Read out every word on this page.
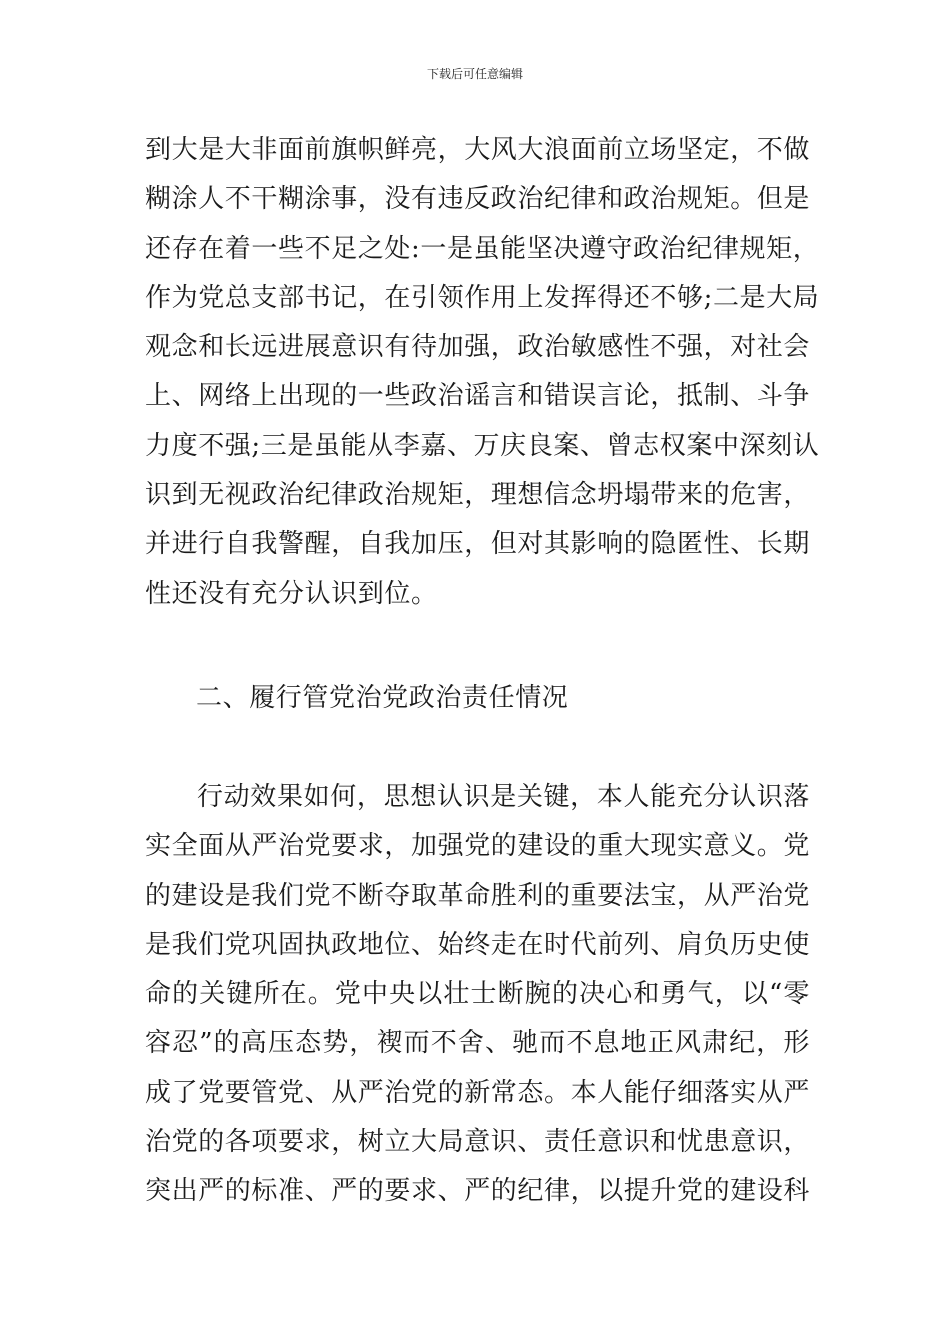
下载后可任意编辑
到大是大非面前旗帜鲜亮，大风大浪面前立场坚定，不做
糊涂人不干糊涂事，没有违反政治纪律和政治规矩。但是
还存在着一些不足之处:一是虽能坚决遵守政治纪律规矩，
作为党总支部书记，在引领作用上发挥得还不够;二是大局
观念和长远进展意识有待加强，政治敏感性不强，对社会
上、网络上出现的一些政治谣言和错误言论，抵制、斗争
力度不强;三是虽能从李嘉、万庆良案、曾志权案中深刻认
识到无视政治纪律政治规矩，理想信念坍塌带来的危害，
并进行自我警醒，自我加压，但对其影响的隐匿性、长期
性还没有充分认识到位。
二、履行管党治党政治责任情况
行动效果如何，思想认识是关键，本人能充分认识落
实全面从严治党要求，加强党的建设的重大现实意义。党
的建设是我们党不断夺取革命胜利的重要法宝，从严治党
是我们党巩固执政地位、始终走在时代前列、肩负历史使
命的关键所在。党中央以壮士断腕的决心和勇气，以“零
容忍”的高压态势，褉而不舍、驰而不息地正风肃纪，形
成了党要管党、从严治党的新常态。本人能仔细落实从严
治党的各项要求，树立大局意识、责任意识和忧患意识，
突出严的标准、严的要求、严的纪律，以提升党的建设科
